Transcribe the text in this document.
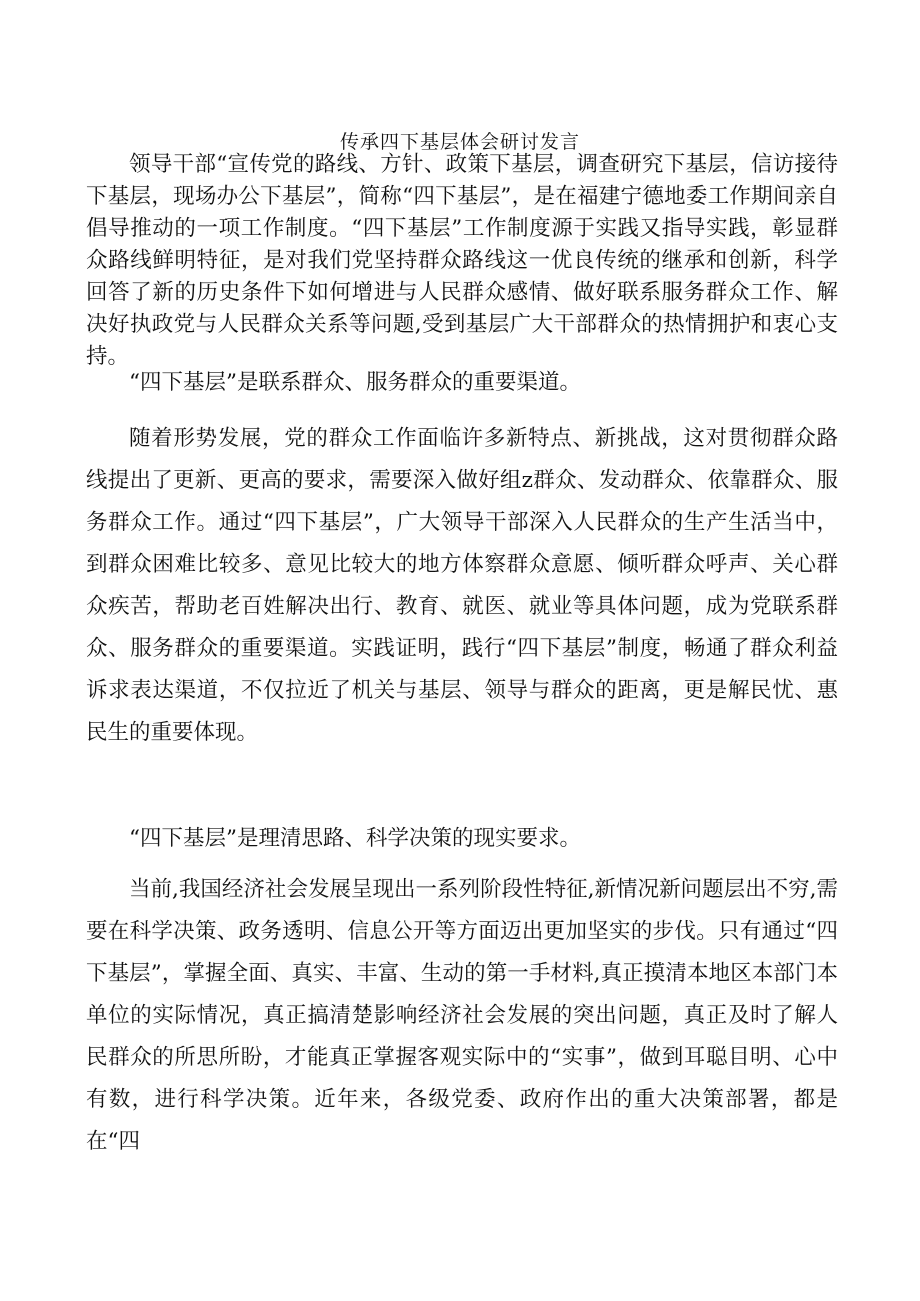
传承四下基层体会研讨发言

领导干部“宣传党的路线、方针、政策下基层，调查研究下基层，信访接待下基层，现场办公下基层”，简称“四下基层”，是在福建宁德地委工作期间亲自倡导推动的一项工作制度。“四下基层”工作制度源于实践又指导实践，彰显群众路线鲜明特征，是对我们党坚持群众路线这一优良传统的继承和创新，科学回答了新的历史条件下如何增进与人民群众感情、做好联系服务群众工作、解决好执政党与人民群众关系等问题,受到基层广大干部群众的热情拥护和衷心支持。

“四下基层”是联系群众、服务群众的重要渠道。

随着形势发展，党的群众工作面临许多新特点、新挑战，这对贯彻群众路线提出了更新、更高的要求，需要深入做好组z群众、发动群众、依靠群众、服务群众工作。通过“四下基层”，广大领导干部深入人民群众的生产生活当中，到群众困难比较多、意见比较大的地方体察群众意愿、倾听群众呼声、关心群众疾苦，帮助老百姓解决出行、教育、就医、就业等具体问题，成为党联系群众、服务群众的重要渠道。实践证明，践行“四下基层”制度，畅通了群众利益诉求表达渠道，不仅拉近了机关与基层、领导与群众的距离，更是解民忧、惠民生的重要体现。

“四下基层”是理清思路、科学决策的现实要求。

当前,我国经济社会发展呈现出一系列阶段性特征,新情况新问题层出不穷,需要在科学决策、政务透明、信息公开等方面迈出更加坚实的步伐。只有通过“四下基层”，掌握全面、真实、丰富、生动的第一手材料,真正摸清本地区本部门本单位的实际情况，真正搞清楚影响经济社会发展的突出问题，真正及时了解人民群众的所思所盼，才能真正掌握客观实际中的“实事”，做到耳聪目明、心中有数，进行科学决策。近年来，各级党委、政府作出的重大决策部署，都是在“四
